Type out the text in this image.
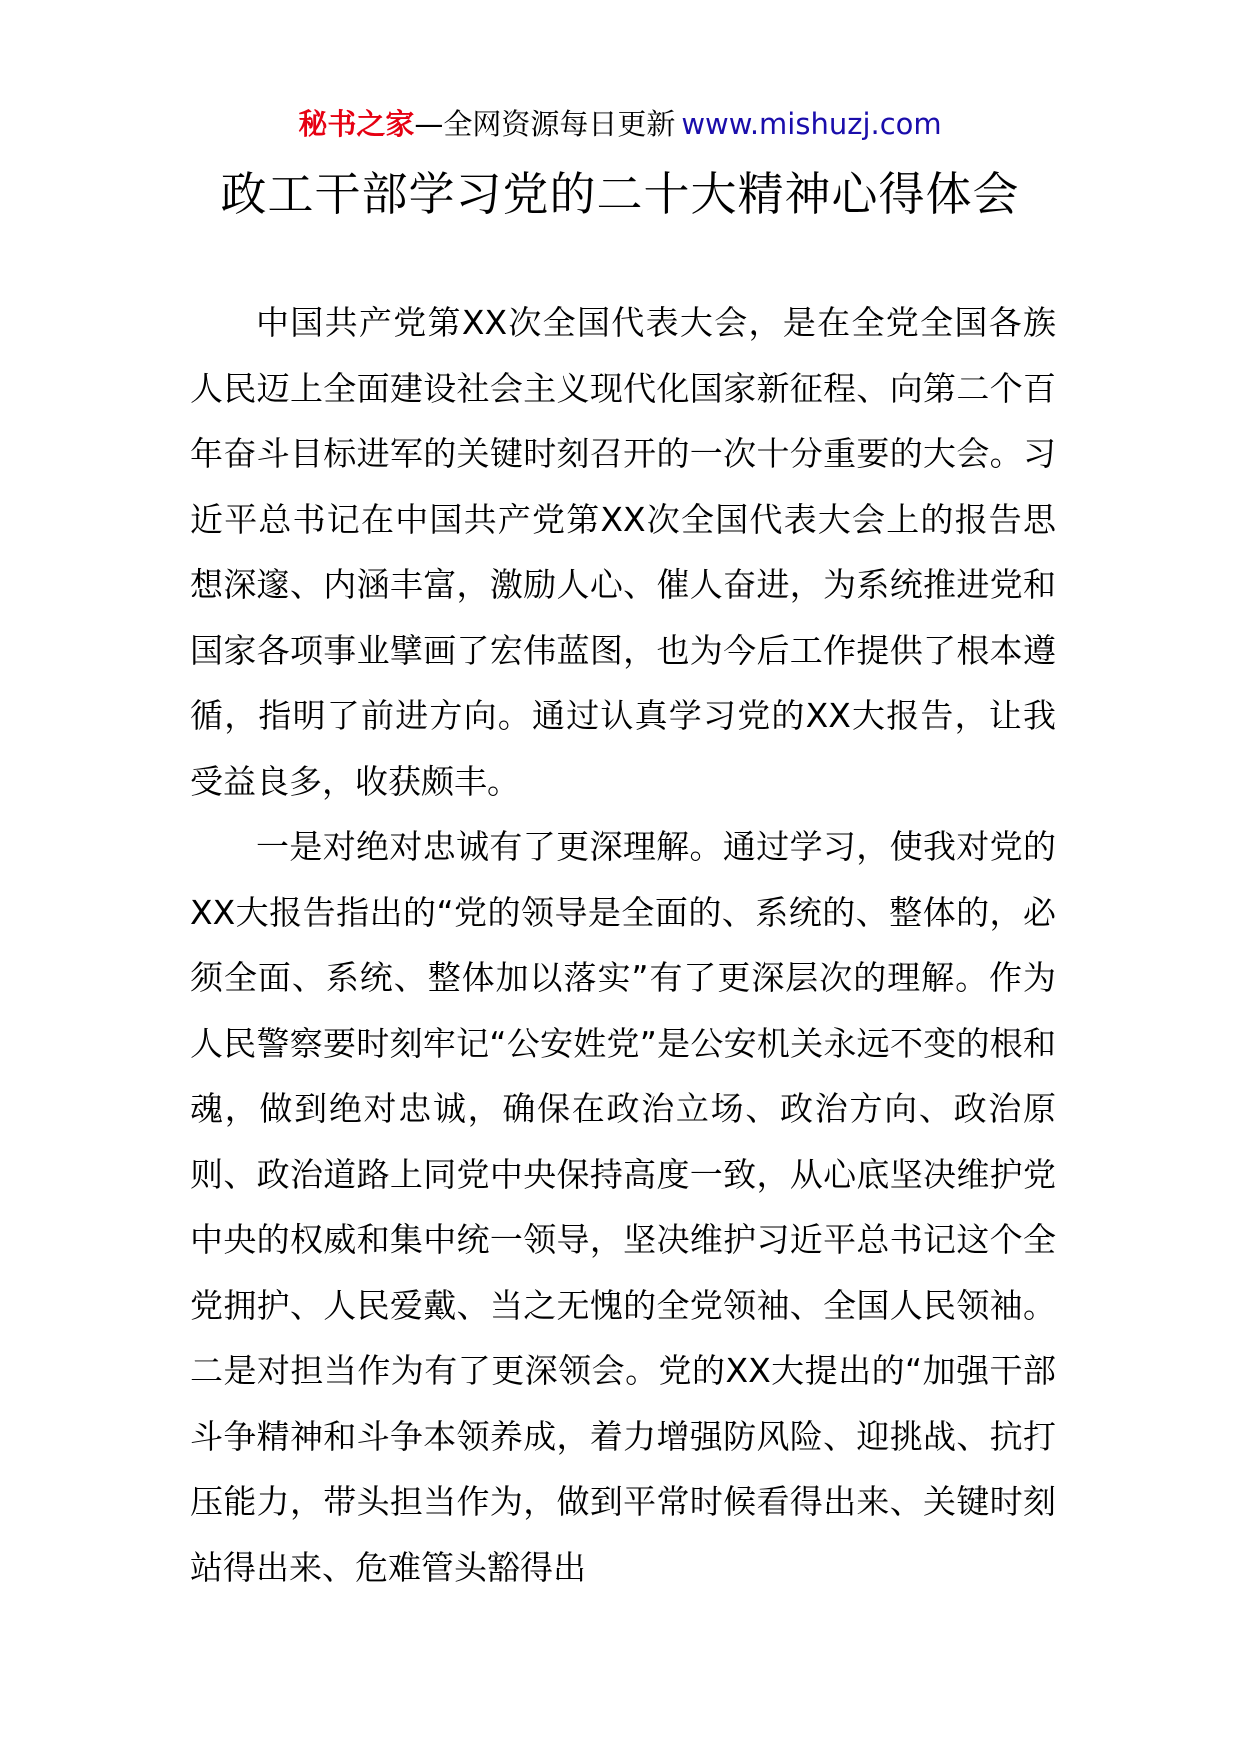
秘书之家—全网资源每日更新 www.mishuzj.com
政工干部学习党的二十大精神心得体会

中国共产党第XX次全国代表大会，是在全党全国各族人民迈上全面建设社会主义现代化国家新征程、向第二个百年奋斗目标进军的关键时刻召开的一次十分重要的大会。习近平总书记在中国共产党第XX次全国代表大会上的报告思想深邃、内涵丰富，激励人心、催人奋进，为系统推进党和国家各项事业擘画了宏伟蓝图，也为今后工作提供了根本遵循，指明了前进方向。通过认真学习党的XX大报告，让我受益良多，收获颇丰。

一是对绝对忠诚有了更深理解。通过学习，使我对党的XX大报告指出的“党的领导是全面的、系统的、整体的，必须全面、系统、整体加以落实”有了更深层次的理解。作为人民警察要时刻牢记“公安姓党”是公安机关永远不变的根和魂，做到绝对忠诚，确保在政治立场、政治方向、政治原则、政治道路上同党中央保持高度一致，从心底坚决维护党中央的权威和集中统一领导，坚决维护习近平总书记这个全党拥护、人民爱戴、当之无愧的全党领袖、全国人民领袖。二是对担当作为有了更深领会。党的XX大提出的“加强干部斗争精神和斗争本领养成，着力增强防风险、迎挑战、抗打压能力，带头担当作为，做到平常时候看得出来、关键时刻站得出来、危难管头豁得出
